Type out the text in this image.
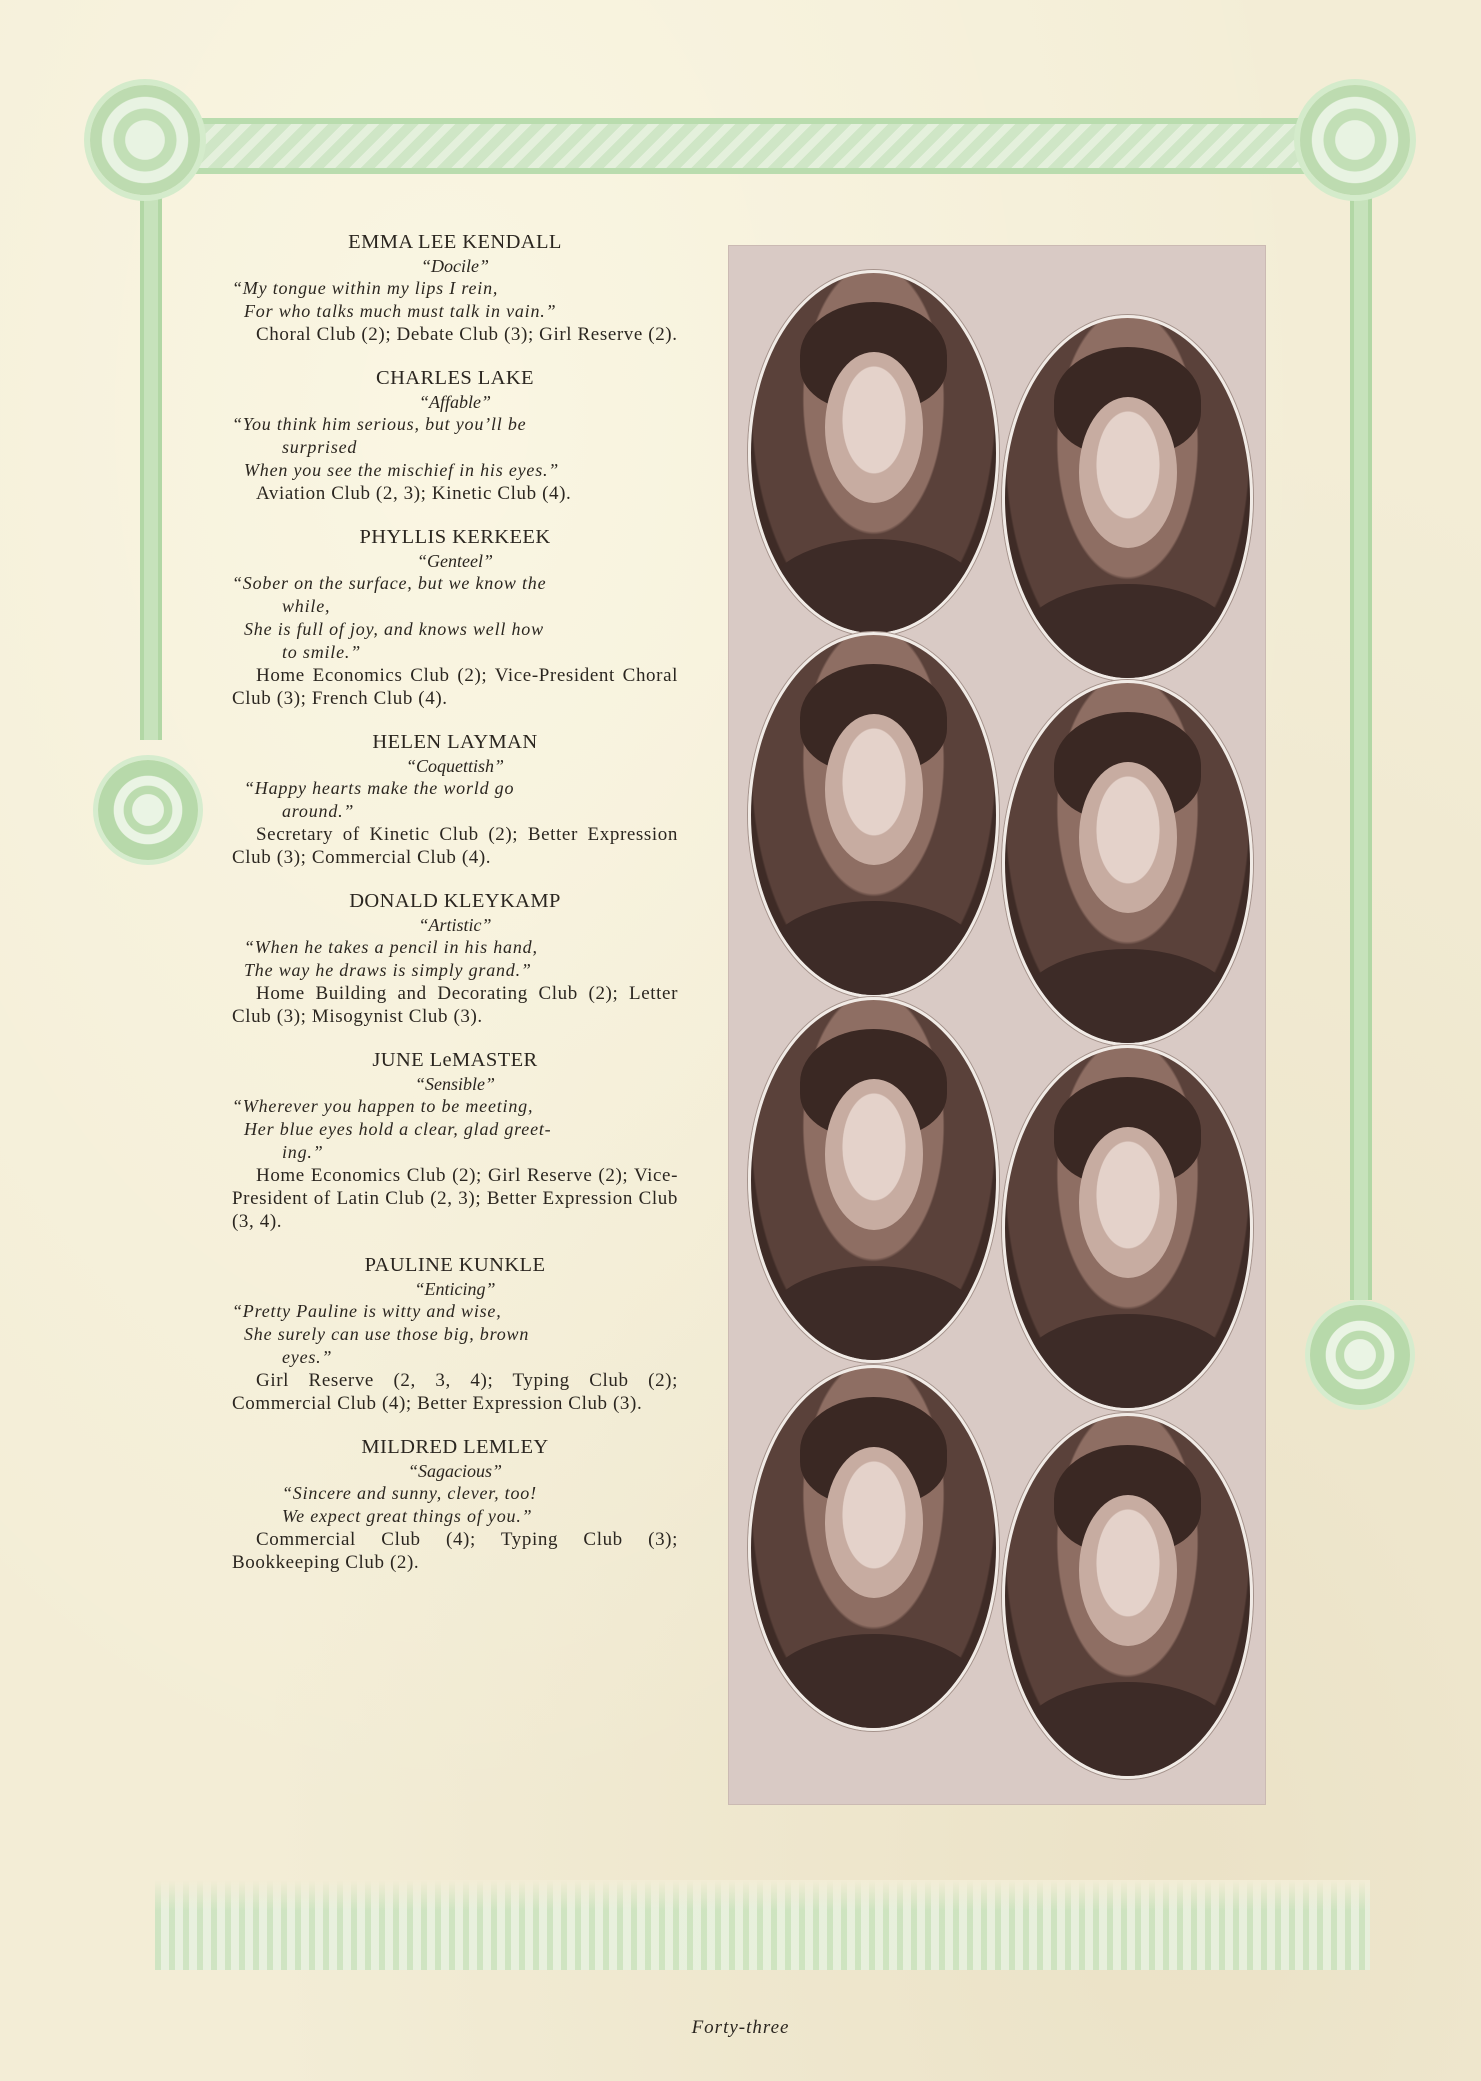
EMMA LEE KENDALL
“Docile”
“My tongue within my lips I rein,
For who talks much must talk in vain.”
Choral Club (2); Debate Club (3); Girl Reserve (2).
CHARLES LAKE
“Affable”
“You think him serious, but you’ll be
surprised
When you see the mischief in his eyes.”
Aviation Club (2, 3); Kinetic Club (4).
PHYLLIS KERKEEK
“Genteel”
“Sober on the surface, but we know the
while,
She is full of joy, and knows well how
to smile.”
Home Economics Club (2); Vice-President Choral Club (3); French Club (4).
HELEN LAYMAN
“Coquettish”
“Happy hearts make the world go
around.”
Secretary of Kinetic Club (2); Better Expression Club (3); Commercial Club (4).
DONALD KLEYKAMP
“Artistic”
“When he takes a pencil in his hand,
The way he draws is simply grand.”
Home Building and Decorating Club (2); Letter Club (3); Misogynist Club (3).
JUNE LeMASTER
“Sensible”
“Wherever you happen to be meeting,
Her blue eyes hold a clear, glad greet-
ing.”
Home Economics Club (2); Girl Reserve (2); Vice-President of Latin Club (2, 3); Better Expression Club (3, 4).
PAULINE KUNKLE
“Enticing”
“Pretty Pauline is witty and wise,
She surely can use those big, brown
eyes.”
Girl Reserve (2, 3, 4); Typing Club (2); Commercial Club (4); Better Expression Club (3).
MILDRED LEMLEY
“Sagacious”
“Sincere and sunny, clever, too!
We expect great things of you.”
Commercial Club (4); Typing Club (3); Bookkeeping Club (2).
Forty-three
